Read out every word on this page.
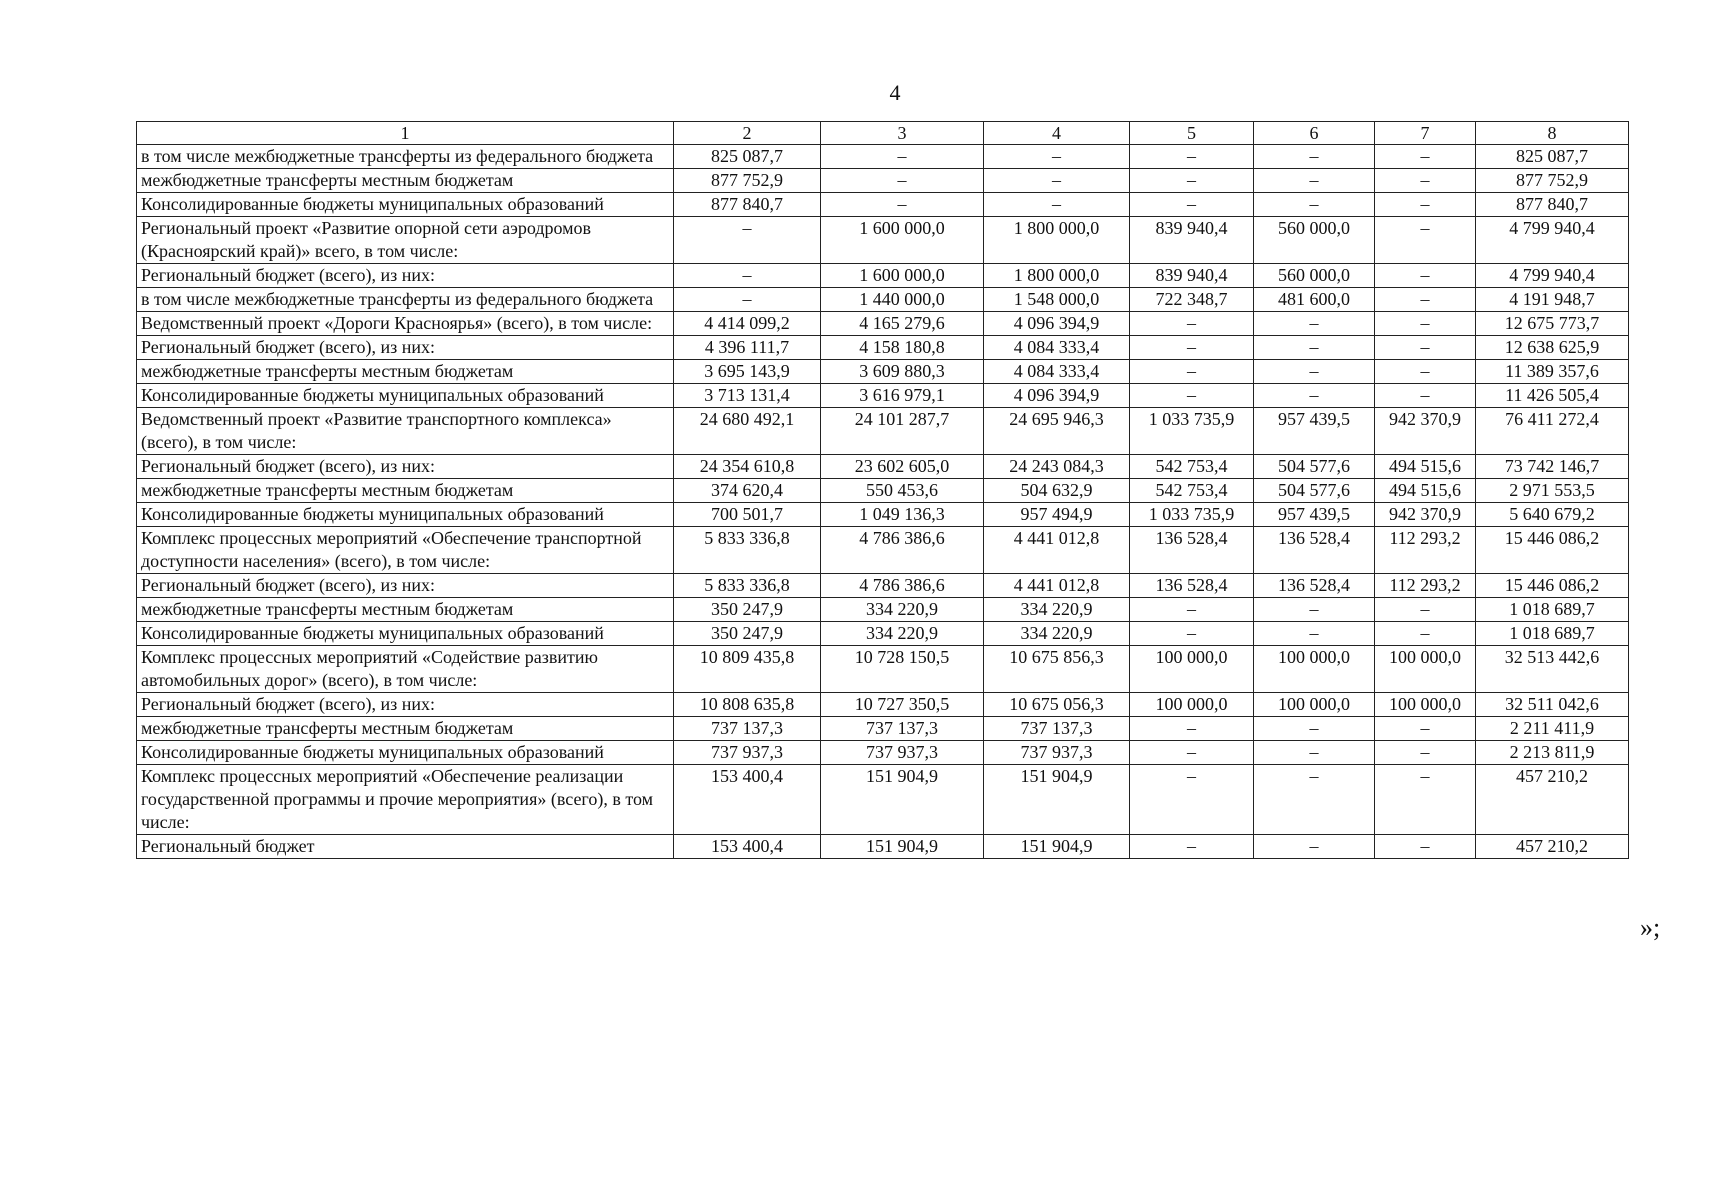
4
1	2	3	4	5	6	7	8
в том числе межбюджетные трансферты из федерального бюджета	825 087,7	–	–	–	–	–	825 087,7
межбюджетные трансферты местным бюджетам	877 752,9	–	–	–	–	–	877 752,9
Консолидированные бюджеты муниципальных образований	877 840,7	–	–	–	–	–	877 840,7
Региональный проект «Развитие опорной сети аэродромов (Красноярский край)» всего, в том числе:	–	1 600 000,0	1 800 000,0	839 940,4	560 000,0	–	4 799 940,4
Региональный бюджет (всего), из них:	–	1 600 000,0	1 800 000,0	839 940,4	560 000,0	–	4 799 940,4
в том числе межбюджетные трансферты из федерального бюджета	–	1 440 000,0	1 548 000,0	722 348,7	481 600,0	–	4 191 948,7
Ведомственный проект «Дороги Красноярья» (всего), в том числе:	4 414 099,2	4 165 279,6	4 096 394,9	–	–	–	12 675 773,7
Региональный бюджет (всего), из них:	4 396 111,7	4 158 180,8	4 084 333,4	–	–	–	12 638 625,9
межбюджетные трансферты местным бюджетам	3 695 143,9	3 609 880,3	4 084 333,4	–	–	–	11 389 357,6
Консолидированные бюджеты муниципальных образований	3 713 131,4	3 616 979,1	4 096 394,9	–	–	–	11 426 505,4
Ведомственный проект «Развитие транспортного комплекса» (всего), в том числе:	24 680 492,1	24 101 287,7	24 695 946,3	1 033 735,9	957 439,5	942 370,9	76 411 272,4
Региональный бюджет (всего), из них:	24 354 610,8	23 602 605,0	24 243 084,3	542 753,4	504 577,6	494 515,6	73 742 146,7
межбюджетные трансферты местным бюджетам	374 620,4	550 453,6	504 632,9	542 753,4	504 577,6	494 515,6	2 971 553,5
Консолидированные бюджеты муниципальных образований	700 501,7	1 049 136,3	957 494,9	1 033 735,9	957 439,5	942 370,9	5 640 679,2
Комплекс процессных мероприятий «Обеспечение транспортной доступности населения» (всего), в том числе:	5 833 336,8	4 786 386,6	4 441 012,8	136 528,4	136 528,4	112 293,2	15 446 086,2
Региональный бюджет (всего), из них:	5 833 336,8	4 786 386,6	4 441 012,8	136 528,4	136 528,4	112 293,2	15 446 086,2
межбюджетные трансферты местным бюджетам	350 247,9	334 220,9	334 220,9	–	–	–	1 018 689,7
Консолидированные бюджеты муниципальных образований	350 247,9	334 220,9	334 220,9	–	–	–	1 018 689,7
Комплекс процессных мероприятий «Содействие развитию автомобильных дорог» (всего), в том числе:	10 809 435,8	10 728 150,5	10 675 856,3	100 000,0	100 000,0	100 000,0	32 513 442,6
Региональный бюджет (всего), из них:	10 808 635,8	10 727 350,5	10 675 056,3	100 000,0	100 000,0	100 000,0	32 511 042,6
межбюджетные трансферты местным бюджетам	737 137,3	737 137,3	737 137,3	–	–	–	2 211 411,9
Консолидированные бюджеты муниципальных образований	737 937,3	737 937,3	737 937,3	–	–	–	2 213 811,9
Комплекс процессных мероприятий «Обеспечение реализации государственной программы и прочие мероприятия» (всего), в том числе:	153 400,4	151 904,9	151 904,9	–	–	–	457 210,2
Региональный бюджет	153 400,4	151 904,9	151 904,9	–	–	–	457 210,2
»;
